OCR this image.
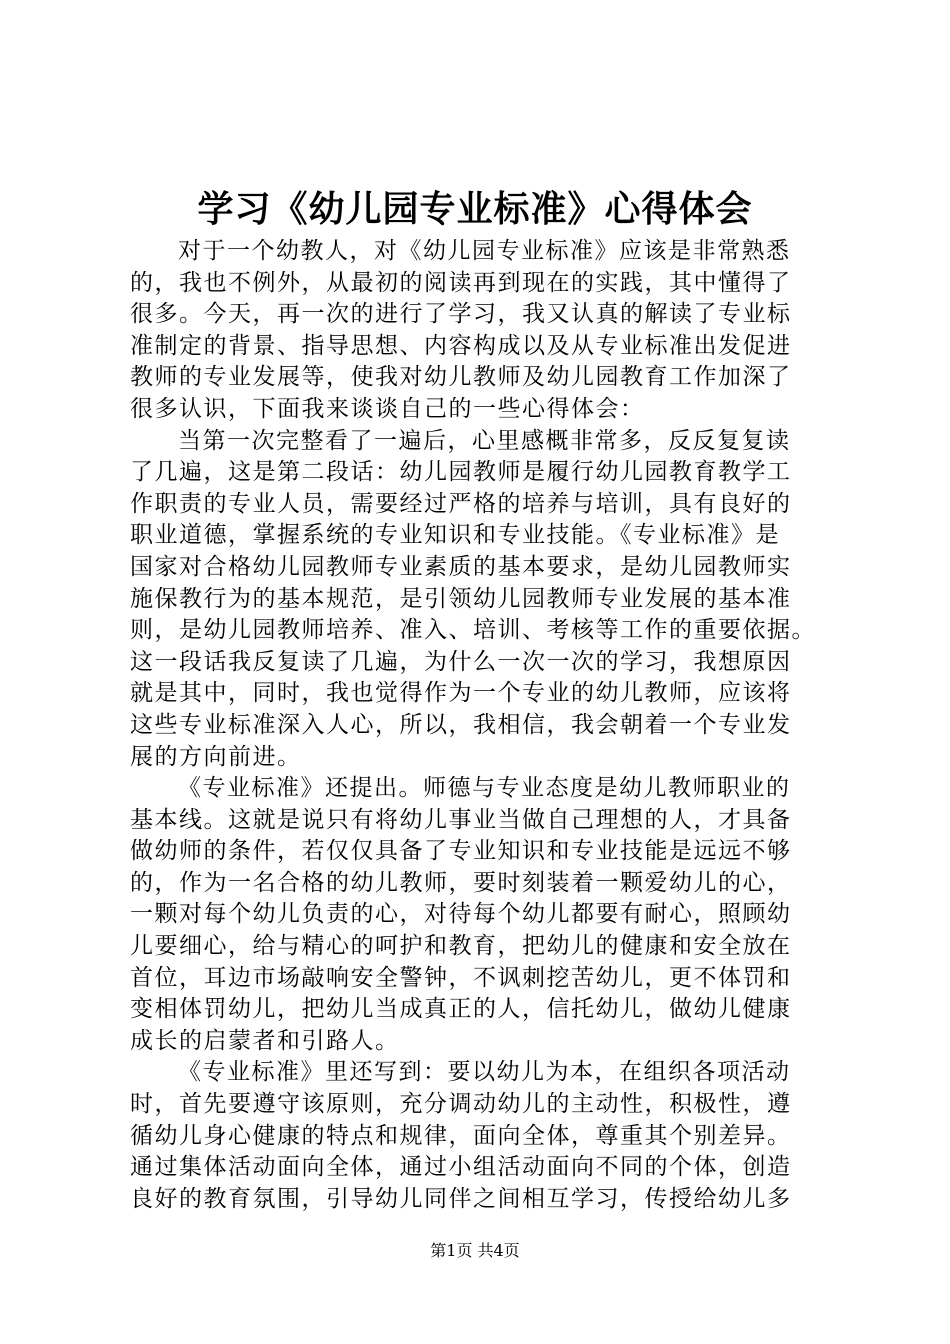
学习《幼儿园专业标准》心得体会
对于一个幼教人，对《幼儿园专业标准》应该是非常熟悉
的，我也不例外，从最初的阅读再到现在的实践，其中懂得了
很多。今天，再一次的进行了学习，我又认真的解读了专业标
准制定的背景、指导思想、内容构成以及从专业标准出发促进
教师的专业发展等，使我对幼儿教师及幼儿园教育工作加深了
很多认识，下面我来谈谈自己的一些心得体会：
当第一次完整看了一遍后，心里感概非常多，反反复复读
了几遍，这是第二段话：幼儿园教师是履行幼儿园教育教学工
作职责的专业人员，需要经过严格的培养与培训，具有良好的
职业道德，掌握系统的专业知识和专业技能。《专业标准》是
国家对合格幼儿园教师专业素质的基本要求，是幼儿园教师实
施保教行为的基本规范，是引领幼儿园教师专业发展的基本准
则，是幼儿园教师培养、准入、培训、考核等工作的重要依据。
这一段话我反复读了几遍，为什么一次一次的学习，我想原因
就是其中，同时，我也觉得作为一个专业的幼儿教师，应该将
这些专业标准深入人心，所以，我相信，我会朝着一个专业发
展的方向前进。
《专业标准》还提出。师德与专业态度是幼儿教师职业的
基本线。这就是说只有将幼儿事业当做自己理想的人，才具备
做幼师的条件，若仅仅具备了专业知识和专业技能是远远不够
的，作为一名合格的幼儿教师，要时刻装着一颗爱幼儿的心，
一颗对每个幼儿负责的心，对待每个幼儿都要有耐心，照顾幼
儿要细心，给与精心的呵护和教育，把幼儿的健康和安全放在
首位，耳边市场敲响安全警钟，不讽刺挖苦幼儿，更不体罚和
变相体罚幼儿，把幼儿当成真正的人，信托幼儿，做幼儿健康
成长的启蒙者和引路人。
《专业标准》里还写到：要以幼儿为本，在组织各项活动
时，首先要遵守该原则，充分调动幼儿的主动性，积极性，遵
循幼儿身心健康的特点和规律，面向全体，尊重其个别差异。
通过集体活动面向全体，通过小组活动面向不同的个体，创造
良好的教育氛围，引导幼儿同伴之间相互学习，传授给幼儿多
第1页 共4页
